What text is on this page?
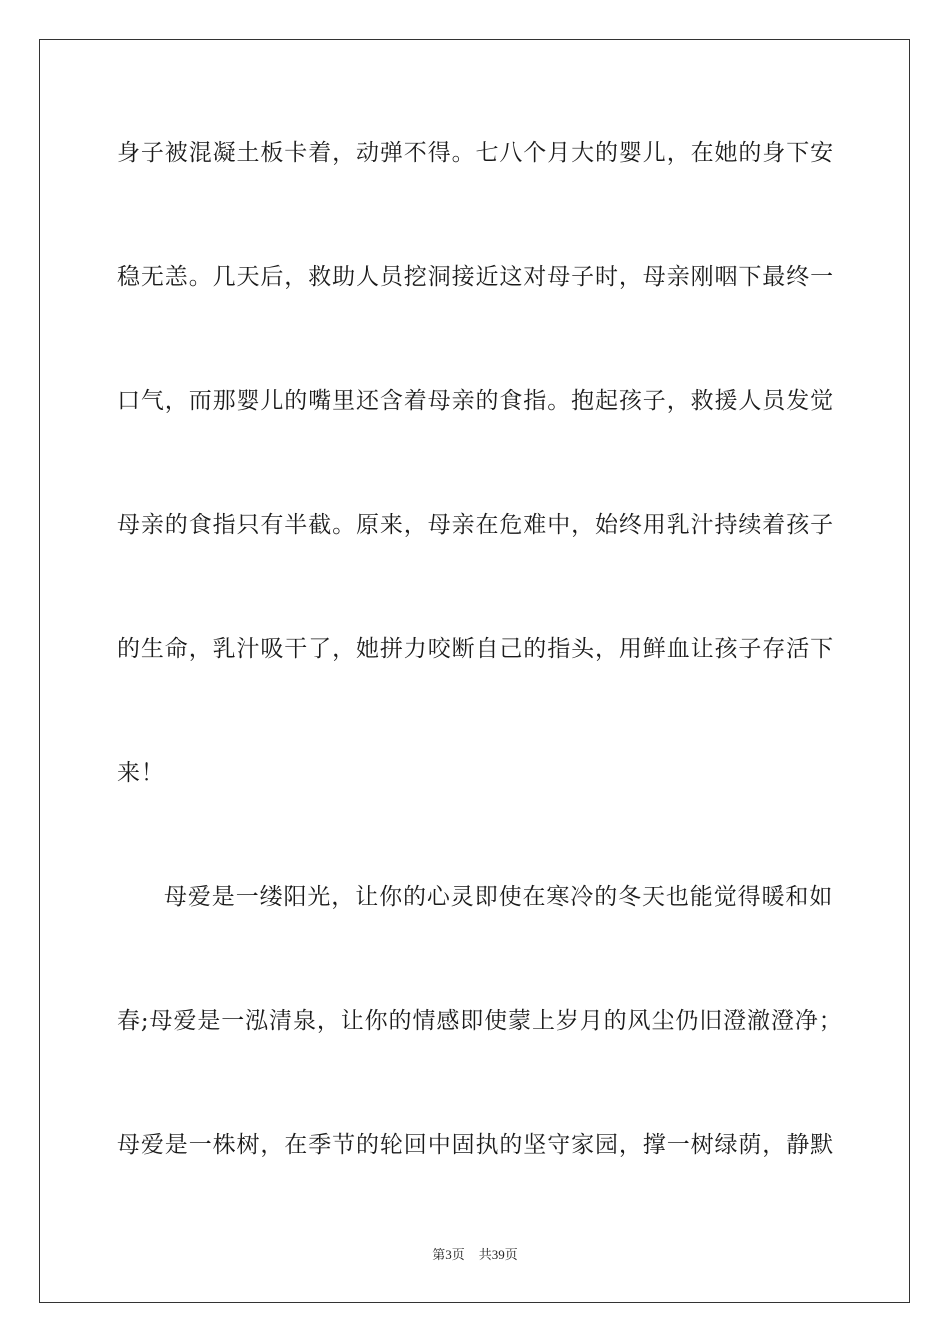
身子被混凝土板卡着，动弹不得。七八个月大的婴儿，在她的身下安
稳无恙。几天后，救助人员挖洞接近这对母子时，母亲刚咽下最终一
口气，而那婴儿的嘴里还含着母亲的食指。抱起孩子，救援人员发觉
母亲的食指只有半截。原来，母亲在危难中，始终用乳汁持续着孩子
的生命，乳汁吸干了，她拼力咬断自己的指头，用鲜血让孩子存活下
来！
母爱是一缕阳光，让你的心灵即使在寒冷的冬天也能觉得暖和如
春;母爱是一泓清泉，让你的情感即使蒙上岁月的风尘仍旧澄澈澄净；
母爱是一株树，在季节的轮回中固执的坚守家园，撑一树绿荫，静默
第3页 共39页
